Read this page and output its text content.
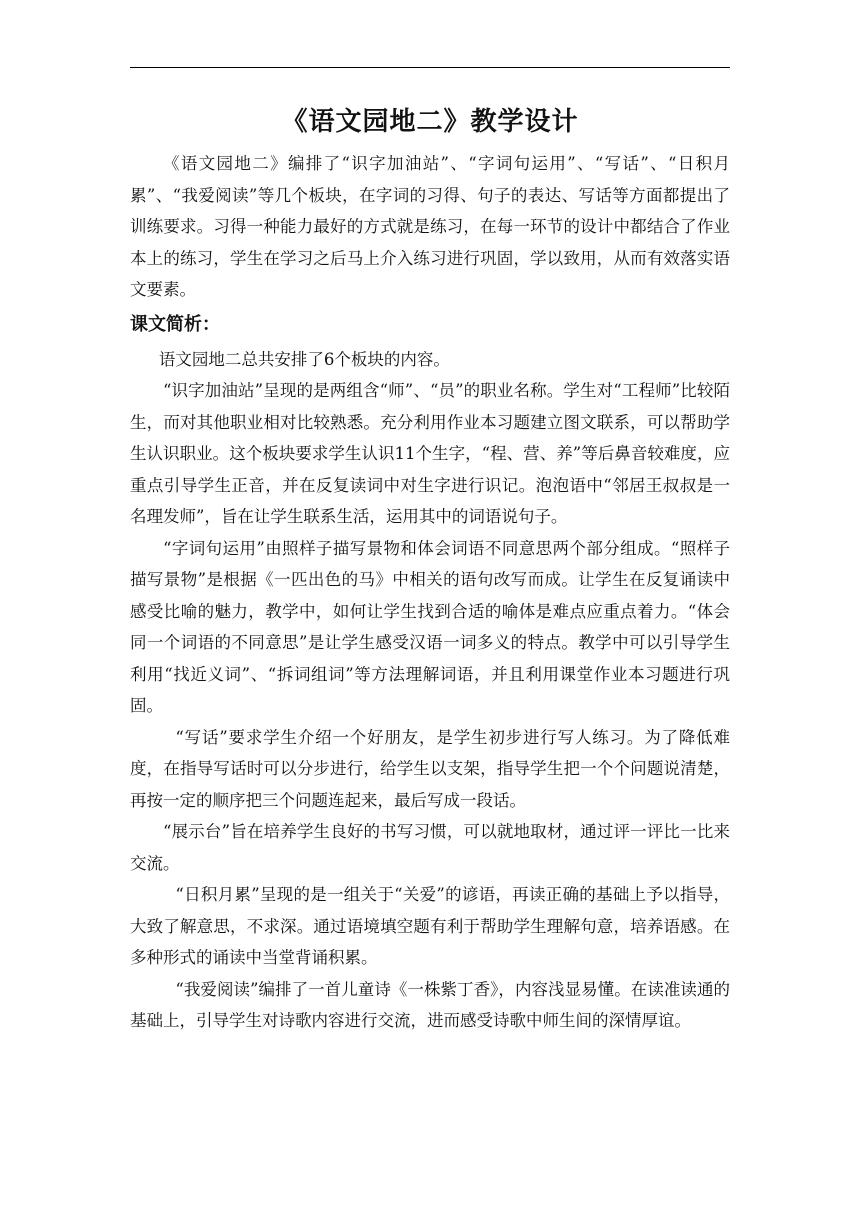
《语文园地二》教学设计

《语文园地二》编排了“识字加油站”、“字词句运用”、“写话”、“日积月累”、“我爱阅读”等几个板块，在字词的习得、句子的表达、写话等方面都提出了训练要求。习得一种能力最好的方式就是练习，在每一环节的设计中都结合了作业本上的练习，学生在学习之后马上介入练习进行巩固，学以致用，从而有效落实语文要素。

课文简析：

语文园地二总共安排了6个板块的内容。

“识字加油站”呈现的是两组含“师”、“员”的职业名称。学生对“工程师”比较陌生，而对其他职业相对比较熟悉。充分利用作业本习题建立图文联系，可以帮助学生认识职业。这个板块要求学生认识11个生字，“程、营、养”等后鼻音较难度，应重点引导学生正音，并在反复读词中对生字进行识记。泡泡语中“邻居王叔叔是一名理发师”，旨在让学生联系生活，运用其中的词语说句子。

“字词句运用”由照样子描写景物和体会词语不同意思两个部分组成。“照样子描写景物”是根据《一匹出色的马》中相关的语句改写而成。让学生在反复诵读中感受比喻的魅力，教学中，如何让学生找到合适的喻体是难点应重点着力。“体会同一个词语的不同意思”是让学生感受汉语一词多义的特点。教学中可以引导学生利用“找近义词”、“拆词组词”等方法理解词语，并且利用课堂作业本习题进行巩固。

“写话”要求学生介绍一个好朋友，是学生初步进行写人练习。为了降低难度，在指导写话时可以分步进行，给学生以支架，指导学生把一个个问题说清楚，再按一定的顺序把三个问题连起来，最后写成一段话。

“展示台”旨在培养学生良好的书写习惯，可以就地取材，通过评一评比一比来交流。

“日积月累”呈现的是一组关于“关爱”的谚语，再读正确的基础上予以指导，大致了解意思，不求深。通过语境填空题有利于帮助学生理解句意，培养语感。在多种形式的诵读中当堂背诵积累。

“我爱阅读”编排了一首儿童诗《一株紫丁香》，内容浅显易懂。在读准读通的基础上，引导学生对诗歌内容进行交流，进而感受诗歌中师生间的深情厚谊。
